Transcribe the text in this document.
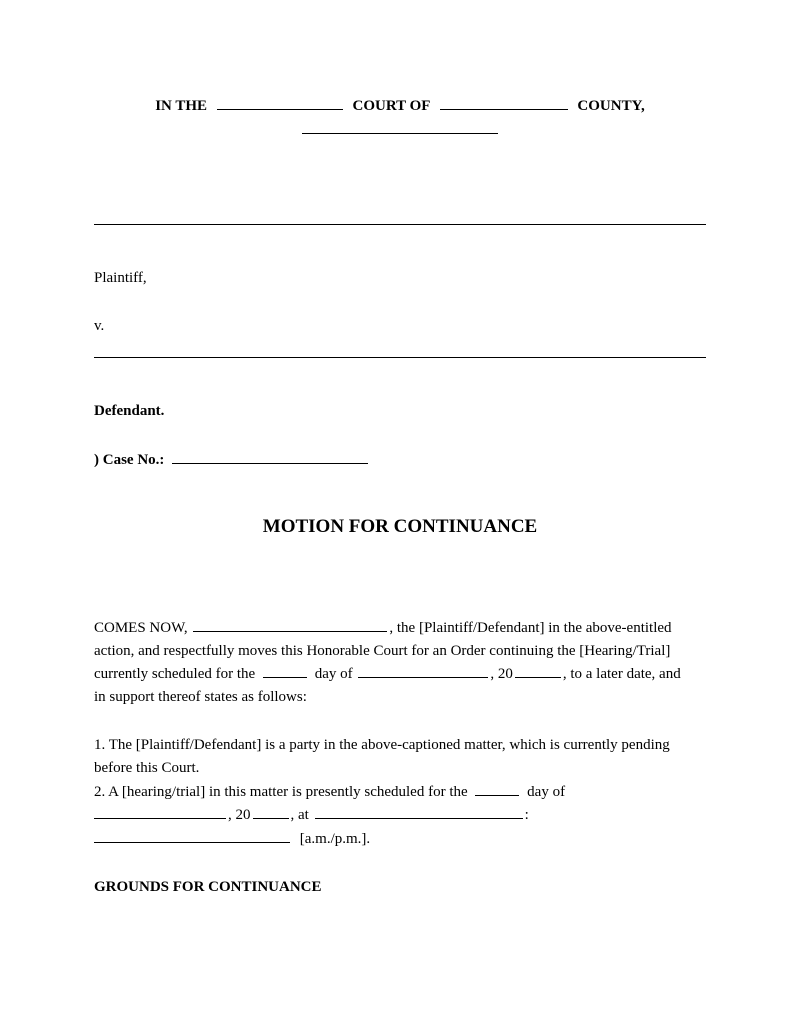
IN THE	COURT OF	COUNTY,
Plaintiff,
v.
Defendant.
) Case No.:
MOTION FOR CONTINUANCE
COMES NOW,	, the [Plaintiff/Defendant] in the above-entitled
action, and respectfully moves this Honorable Court for an Order continuing the [Hearing/Trial]
currently scheduled for the	day of	, 20	, to a later date, and
in support thereof states as follows:
1. The [Plaintiff/Defendant] is a party in the above-captioned matter, which is currently pending
before this Court.
2. A [hearing/trial] in this matter is presently scheduled for the	day of
, 20	, at	:
[a.m./p.m.].
GROUNDS FOR CONTINUANCE
